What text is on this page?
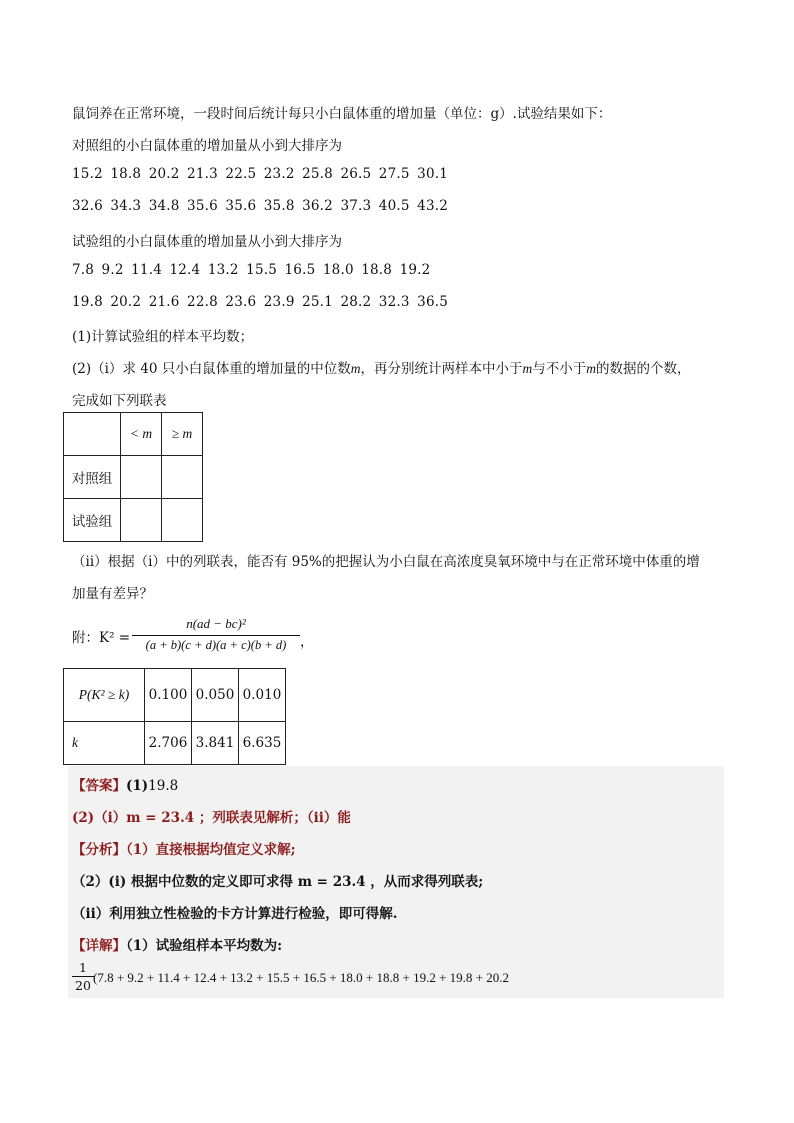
鼠饲养在正常环境，一段时间后统计每只小白鼠体重的增加量（单位：g）.试验结果如下：
对照组的小白鼠体重的增加量从小到大排序为
15.2 18.8 20.2 21.3 22.5 23.2 25.8 26.5 27.5 30.1
32.6 34.3 34.8 35.6 35.6 35.8 36.2 37.3 40.5 43.2
试验组的小白鼠体重的增加量从小到大排序为
7.8 9.2 11.4 12.4 13.2 15.5 16.5 18.0 18.8 19.2
19.8 20.2 21.6 22.8 23.6 23.9 25.1 28.2 32.3 36.5
(1)计算试验组的样本平均数；
(2)（ⅰ）求 40 只小白鼠体重的增加量的中位数m，再分别统计两样本中小于m与不小于m的数据的个数，
完成如下列联表
	< m	≥ m
对照组		
试验组		
（ⅱ）根据（ⅰ）中的列联表，能否有 95%的把握认为小白鼠在高浓度臭氧环境中与在正常环境中体重的增
加量有差异？
附：K² =
n(ad − bc)²
(a + b)(c + d)(a + c)(b + d)	，
P(K² ≥ k)	0.100	0.050	0.010
k	2.706	3.841	6.635
【答案】(1)19.8
(2)（ⅰ）m = 23.4 ；列联表见解析；（ⅱ）能
【分析】（1）直接根据均值定义求解;
（2）(ⅰ) 根据中位数的定义即可求得 m = 23.4 ，从而求得列联表;
（ⅱ）利用独立性检验的卡方计算进行检验，即可得解.
【详解】（1）试验组样本平均数为:
1
20
(7.8 + 9.2 + 11.4 + 12.4 + 13.2 + 15.5 + 16.5 + 18.0 + 18.8 + 19.2 + 19.8 + 20.2
